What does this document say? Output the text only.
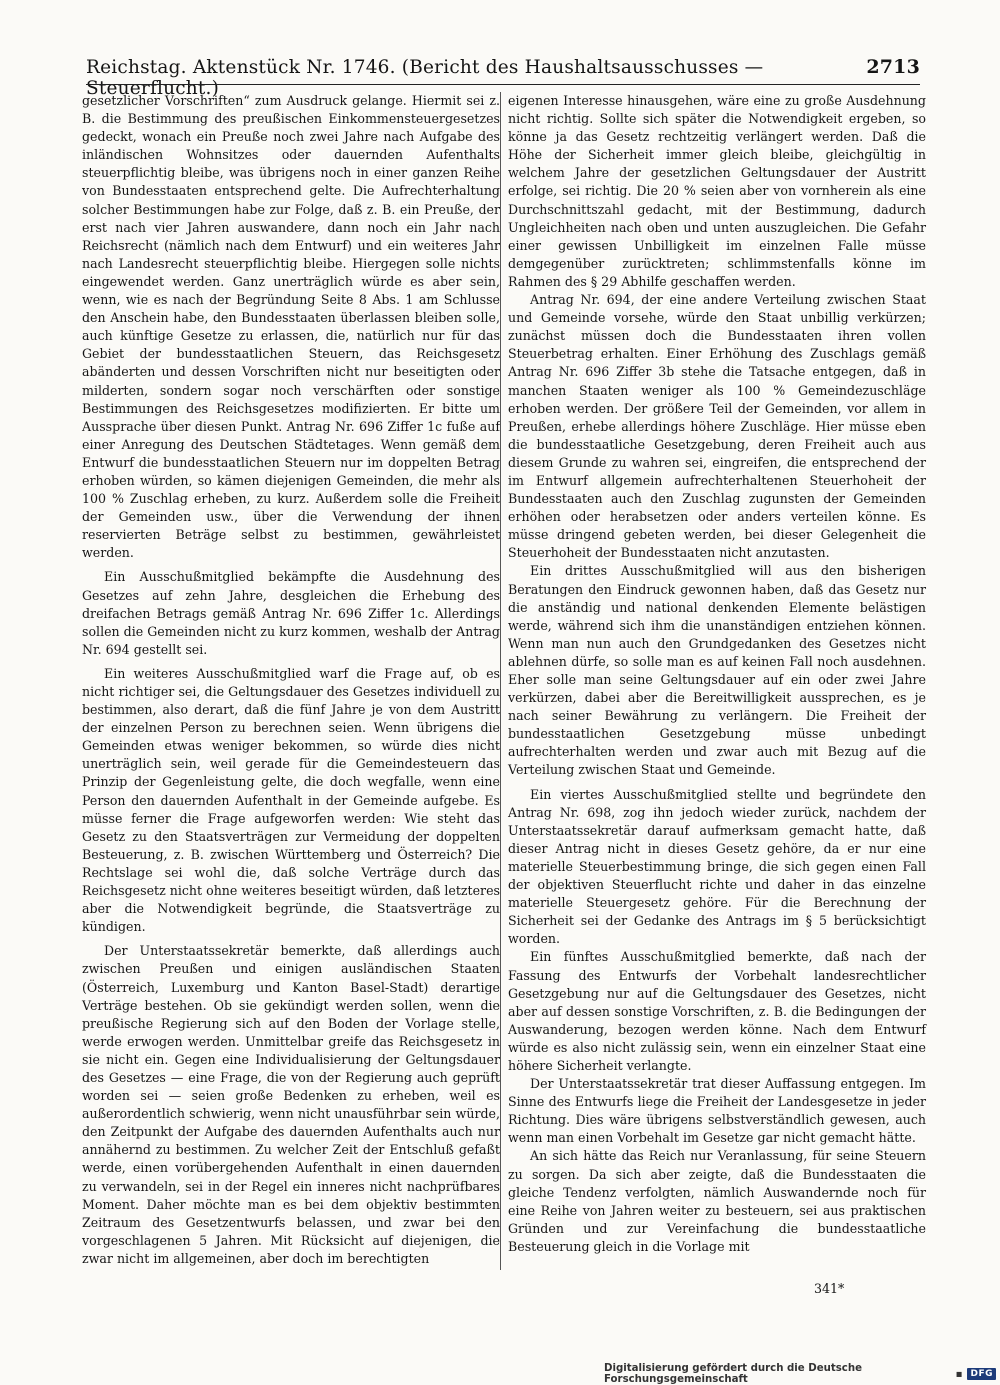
Reichstag. Aktenstück Nr. 1746. (Bericht des Haushaltsausschusses — Steuerflucht.)
2713

gesetzlicher Vorschriften“ zum Ausdruck gelange. Hiermit sei z. B. die Bestimmung des preußischen Einkommensteuergesetzes gedeckt, wonach ein Preuße noch zwei Jahre nach Aufgabe des inländischen Wohnsitzes oder dauernden Aufenthalts steuerpflichtig bleibe, was übrigens noch in einer ganzen Reihe von Bundesstaaten entsprechend gelte. Die Aufrechterhaltung solcher Bestimmungen habe zur Folge, daß z. B. ein Preuße, der erst nach vier Jahren auswandere, dann noch ein Jahr nach Reichsrecht (nämlich nach dem Entwurf) und ein weiteres Jahr nach Landesrecht steuerpflichtig bleibe. Hiergegen solle nichts eingewendet werden. Ganz unerträglich würde es aber sein, wenn, wie es nach der Begründung Seite 8 Abs. 1 am Schlusse den Anschein habe, den Bundesstaaten überlassen bleiben solle, auch künftige Gesetze zu erlassen, die, natürlich nur für das Gebiet der bundesstaatlichen Steuern, das Reichsgesetz abänderten und dessen Vorschriften nicht nur beseitigten oder milderten, sondern sogar noch verschärften oder sonstige Bestimmungen des Reichsgesetzes modifizierten. Er bitte um Aussprache über diesen Punkt. Antrag Nr. 696 Ziffer 1c fuße auf einer Anregung des Deutschen Städtetages. Wenn gemäß dem Entwurf die bundesstaatlichen Steuern nur im doppelten Betrag erhoben würden, so kämen diejenigen Gemeinden, die mehr als 100 % Zuschlag erheben, zu kurz. Außerdem solle die Freiheit der Gemeinden usw., über die Verwendung der ihnen reservierten Beträge selbst zu bestimmen, gewährleistet werden.

Ein Ausschußmitglied bekämpfte die Ausdehnung des Gesetzes auf zehn Jahre, desgleichen die Erhebung des dreifachen Betrags gemäß Antrag Nr. 696 Ziffer 1c. Allerdings sollen die Gemeinden nicht zu kurz kommen, weshalb der Antrag Nr. 694 gestellt sei.

Ein weiteres Ausschußmitglied warf die Frage auf, ob es nicht richtiger sei, die Geltungsdauer des Gesetzes individuell zu bestimmen, also derart, daß die fünf Jahre je von dem Austritt der einzelnen Person zu berechnen seien. Wenn übrigens die Gemeinden etwas weniger bekommen, so würde dies nicht unerträglich sein, weil gerade für die Gemeindesteuern das Prinzip der Gegenleistung gelte, die doch wegfalle, wenn eine Person den dauernden Aufenthalt in der Gemeinde aufgebe. Es müsse ferner die Frage aufgeworfen werden: Wie steht das Gesetz zu den Staatsverträgen zur Vermeidung der doppelten Besteuerung, z. B. zwischen Württemberg und Österreich? Die Rechtslage sei wohl die, daß solche Verträge durch das Reichsgesetz nicht ohne weiteres beseitigt würden, daß letzteres aber die Notwendigkeit begründe, die Staatsverträge zu kündigen.

Der Unterstaatssekretär bemerkte, daß allerdings auch zwischen Preußen und einigen ausländischen Staaten (Österreich, Luxemburg und Kanton Basel-Stadt) derartige Verträge bestehen. Ob sie gekündigt werden sollen, wenn die preußische Regierung sich auf den Boden der Vorlage stelle, werde erwogen werden. Unmittelbar greife das Reichsgesetz in sie nicht ein. Gegen eine Individualisierung der Geltungsdauer des Gesetzes — eine Frage, die von der Regierung auch geprüft worden sei — seien große Bedenken zu erheben, weil es außerordentlich schwierig, wenn nicht unausführbar sein würde, den Zeitpunkt der Aufgabe des dauernden Aufenthalts auch nur annähernd zu bestimmen. Zu welcher Zeit der Entschluß gefaßt werde, einen vorübergehenden Aufenthalt in einen dauernden zu verwandeln, sei in der Regel ein inneres nicht nachprüfbares Moment. Daher möchte man es bei dem objektiv bestimmten Zeitraum des Gesetzentwurfs belassen, und zwar bei den vorgeschlagenen 5 Jahren. Mit Rücksicht auf diejenigen, die zwar nicht im allgemeinen, aber doch im berechtigten

eigenen Interesse hinausgehen, wäre eine zu große Ausdehnung nicht richtig. Sollte sich später die Notwendigkeit ergeben, so könne ja das Gesetz rechtzeitig verlängert werden. Daß die Höhe der Sicherheit immer gleich bleibe, gleichgültig in welchem Jahre der gesetzlichen Geltungsdauer der Austritt erfolge, sei richtig. Die 20 % seien aber von vornherein als eine Durchschnittszahl gedacht, mit der Bestimmung, dadurch Ungleichheiten nach oben und unten auszugleichen. Die Gefahr einer gewissen Unbilligkeit im einzelnen Falle müsse demgegenüber zurücktreten; schlimmstenfalls könne im Rahmen des § 29 Abhilfe geschaffen werden.

Antrag Nr. 694, der eine andere Verteilung zwischen Staat und Gemeinde vorsehe, würde den Staat unbillig verkürzen; zunächst müssen doch die Bundesstaaten ihren vollen Steuerbetrag erhalten. Einer Erhöhung des Zuschlags gemäß Antrag Nr. 696 Ziffer 3b stehe die Tatsache entgegen, daß in manchen Staaten weniger als 100 % Gemeindezuschläge erhoben werden. Der größere Teil der Gemeinden, vor allem in Preußen, erhebe allerdings höhere Zuschläge. Hier müsse eben die bundesstaatliche Gesetzgebung, deren Freiheit auch aus diesem Grunde zu wahren sei, eingreifen, die entsprechend der im Entwurf allgemein aufrechterhaltenen Steuerhoheit der Bundesstaaten auch den Zuschlag zugunsten der Gemeinden erhöhen oder herabsetzen oder anders verteilen könne. Es müsse dringend gebeten werden, bei dieser Gelegenheit die Steuerhoheit der Bundesstaaten nicht anzutasten.

Ein drittes Ausschußmitglied will aus den bisherigen Beratungen den Eindruck gewonnen haben, daß das Gesetz nur die anständig und national denkenden Elemente belästigen werde, während sich ihm die unanständigen entziehen können. Wenn man nun auch den Grundgedanken des Gesetzes nicht ablehnen dürfe, so solle man es auf keinen Fall noch ausdehnen. Eher solle man seine Geltungsdauer auf ein oder zwei Jahre verkürzen, dabei aber die Bereitwilligkeit aussprechen, es je nach seiner Bewährung zu verlängern. Die Freiheit der bundesstaatlichen Gesetzgebung müsse unbedingt aufrechterhalten werden und zwar auch mit Bezug auf die Verteilung zwischen Staat und Gemeinde.

Ein viertes Ausschußmitglied stellte und begründete den Antrag Nr. 698, zog ihn jedoch wieder zurück, nachdem der Unterstaatssekretär darauf aufmerksam gemacht hatte, daß dieser Antrag nicht in dieses Gesetz gehöre, da er nur eine materielle Steuerbestimmung bringe, die sich gegen einen Fall der objektiven Steuerflucht richte und daher in das einzelne materielle Steuergesetz gehöre. Für die Berechnung der Sicherheit sei der Gedanke des Antrags im § 5 berücksichtigt worden.

Ein fünftes Ausschußmitglied bemerkte, daß nach der Fassung des Entwurfs der Vorbehalt landesrechtlicher Gesetzgebung nur auf die Geltungsdauer des Gesetzes, nicht aber auf dessen sonstige Vorschriften, z. B. die Bedingungen der Auswanderung, bezogen werden könne. Nach dem Entwurf würde es also nicht zulässig sein, wenn ein einzelner Staat eine höhere Sicherheit verlangte.

Der Unterstaatssekretär trat dieser Auffassung entgegen. Im Sinne des Entwurfs liege die Freiheit der Landesgesetze in jeder Richtung. Dies wäre übrigens selbstverständlich gewesen, auch wenn man einen Vorbehalt im Gesetze gar nicht gemacht hätte.

An sich hätte das Reich nur Veranlassung, für seine Steuern zu sorgen. Da sich aber zeigte, daß die Bundesstaaten die gleiche Tendenz verfolgten, nämlich Auswandernde noch für eine Reihe von Jahren weiter zu besteuern, sei aus praktischen Gründen und zur Vereinfachung die bundesstaatliche Besteuerung gleich in die Vorlage mit

341*
Digitalisierung gefördert durch die Deutsche Forschungsgemeinschaft	▪ DFG
